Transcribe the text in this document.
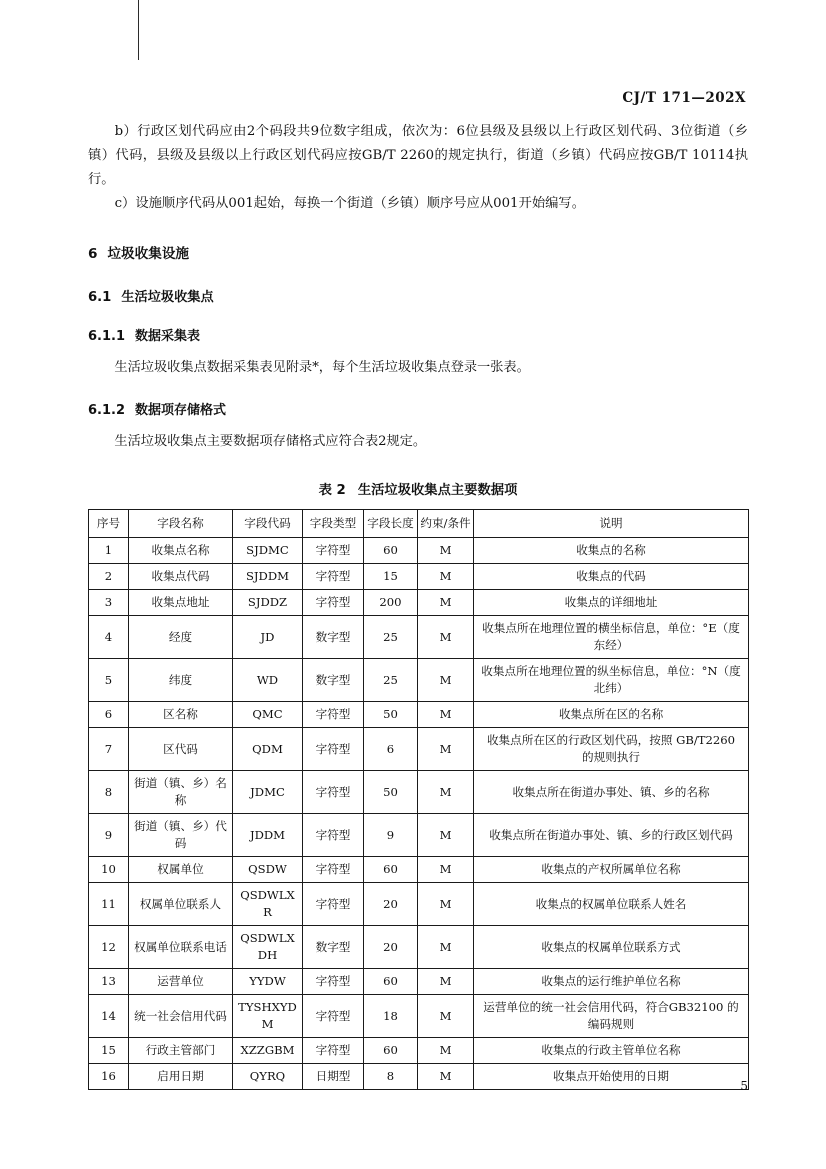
CJ/T 171—202X

b）行政区划代码应由2个码段共9位数字组成，依次为：6位县级及县级以上行政区划代码、3位街道（乡镇）代码，县级及县级以上行政区划代码应按GB/T 2260的规定执行，街道（乡镇）代码应按GB/T 10114执行。

c）设施顺序代码从001起始，每换一个街道（乡镇）顺序号应从001开始编写。

6 垃圾收集设施
6.1 生活垃圾收集点
6.1.1 数据采集表

生活垃圾收集点数据采集表见附录*，每个生活垃圾收集点登录一张表。

6.1.2 数据项存储格式

生活垃圾收集点主要数据项存储格式应符合表2规定。

表 2 生活垃圾收集点主要数据项
序号	字段名称	字段代码	字段类型	字段长度	约束/条件	说明
1	收集点名称	SJDMC	字符型	60	M	收集点的名称
2	收集点代码	SJDDM	字符型	15	M	收集点的代码
3	收集点地址	SJDDZ	字符型	200	M	收集点的详细地址
4	经度	JD	数字型	25	M	收集点所在地理位置的横坐标信息，单位：°E（度东经）
5	纬度	WD	数字型	25	M	收集点所在地理位置的纵坐标信息，单位：°N（度北纬）
6	区名称	QMC	字符型	50	M	收集点所在区的名称
7	区代码	QDM	字符型	6	M	收集点所在区的行政区划代码，按照 GB/T2260 的规则执行
8	街道（镇、乡）名称	JDMC	字符型	50	M	收集点所在街道办事处、镇、乡的名称
9	街道（镇、乡）代码	JDDM	字符型	9	M	收集点所在街道办事处、镇、乡的行政区划代码
10	权属单位	QSDW	字符型	60	M	收集点的产权所属单位名称
11	权属单位联系人	QSDWLXR	字符型	20	M	收集点的权属单位联系人姓名
12	权属单位联系电话	QSDWLXDH	数字型	20	M	收集点的权属单位联系方式
13	运营单位	YYDW	字符型	60	M	收集点的运行维护单位名称
14	统一社会信用代码	TYSHXYDM	字符型	18	M	运营单位的统一社会信用代码，符合GB32100 的编码规则
15	行政主管部门	XZZGBM	字符型	60	M	收集点的行政主管单位名称
16	启用日期	QYRQ	日期型	8	M	收集点开始使用的日期
5
